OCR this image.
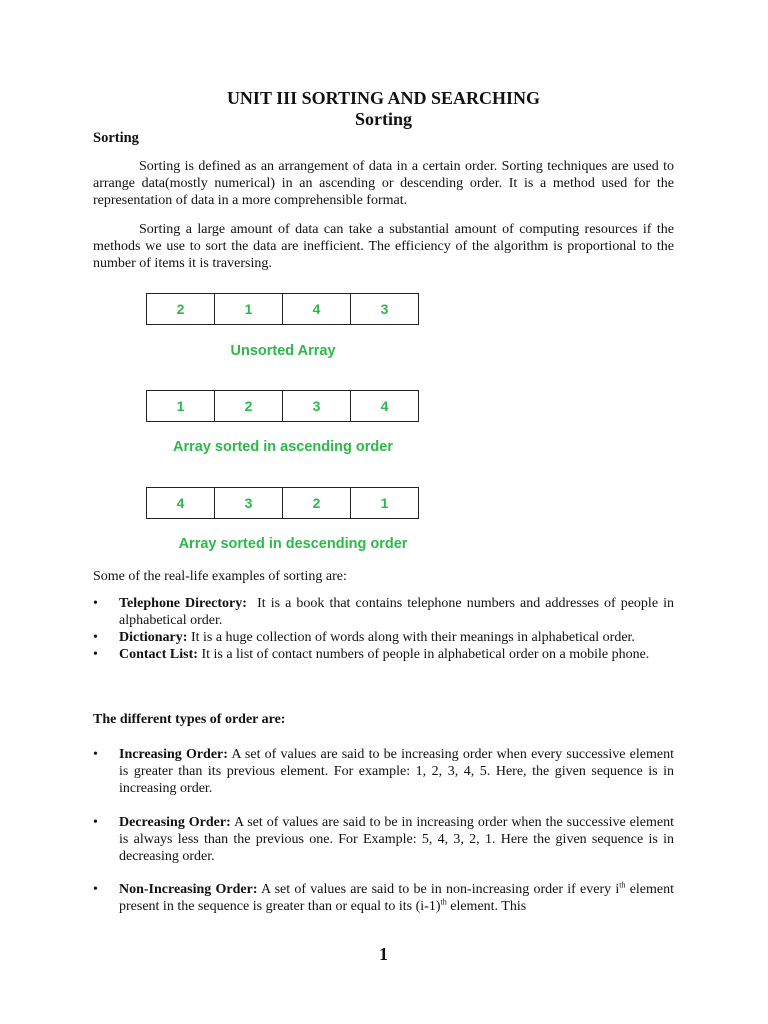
UNIT III SORTING AND SEARCHING
Sorting
Sorting

Sorting is defined as an arrangement of data in a certain order. Sorting techniques are used to arrange data(mostly numerical) in an ascending or descending order. It is a method used for the representation of data in a more comprehensible format.

Sorting a large amount of data can take a substantial amount of computing resources if the methods we use to sort the data are inefficient. The efficiency of the algorithm is proportional to the number of items it is traversing.

2	1	4	3
Unsorted Array
1	2	3	4
Array sorted in ascending order
4	3	2	1
Array sorted in descending order

Some of the real-life examples of sorting are:

• Telephone Directory: It is a book that contains telephone numbers and addresses of people in alphabetical order.
• Dictionary: It is a huge collection of words along with their meanings in alphabetical order.
• Contact List: It is a list of contact numbers of people in alphabetical order on a mobile phone.
The different types of order are:
• Increasing Order: A set of values are said to be increasing order when every successive element is greater than its previous element. For example: 1, 2, 3, 4, 5. Here, the given sequence is in increasing order.
• Decreasing Order: A set of values are said to be in increasing order when the successive element is always less than the previous one. For Example: 5, 4, 3, 2, 1. Here the given sequence is in decreasing order.
• Non-Increasing Order: A set of values are said to be in non-increasing order if every $i^{th}$ element present in the sequence is greater than or equal to its $(i-1)^{th}$ element. This
1
